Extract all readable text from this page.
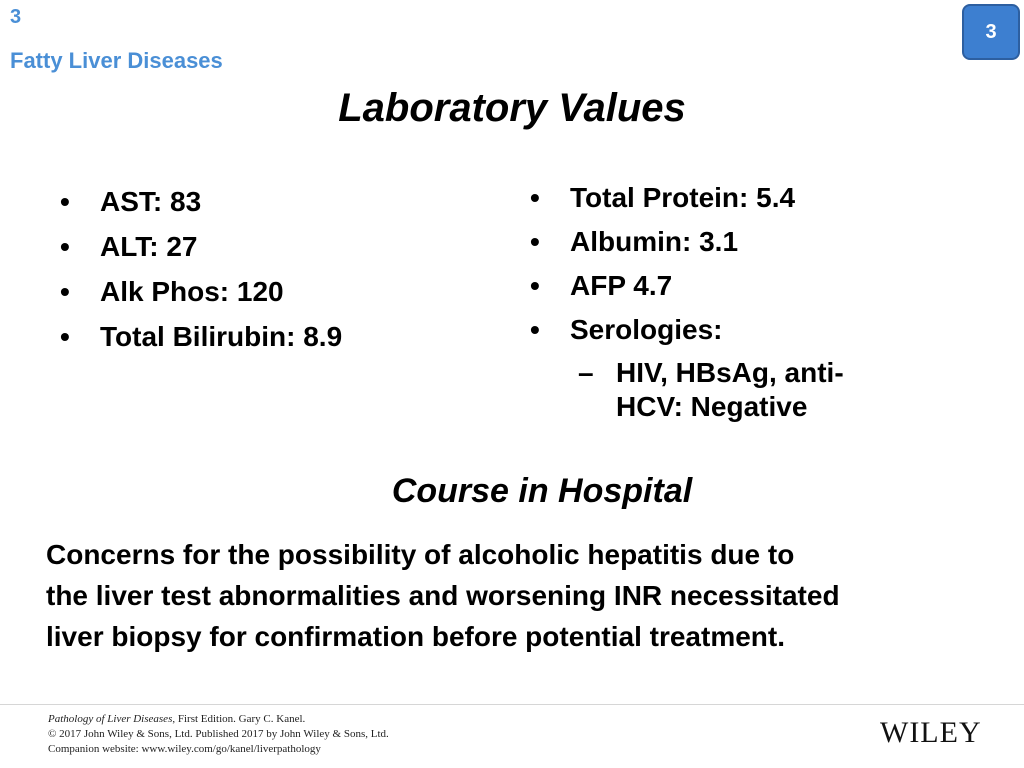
3
Fatty Liver Diseases
3
Laboratory Values
• AST: 83
• ALT: 27
• Alk Phos: 120
• Total Bilirubin: 8.9
• Total Protein: 5.4
• Albumin: 3.1
• AFP 4.7
• Serologies:
– HIV, HBsAg, anti-
HCV: Negative
Course in Hospital
Concerns for the possibility of alcoholic hepatitis due to
the liver test abnormalities and worsening INR necessitated
liver biopsy for confirmation before potential treatment.
Pathology of Liver Diseases, First Edition. Gary C. Kanel.
© 2017 John Wiley & Sons, Ltd. Published 2017 by John Wiley & Sons, Ltd.
Companion website: www.wiley.com/go/kanel/liverpathology	WILEY
